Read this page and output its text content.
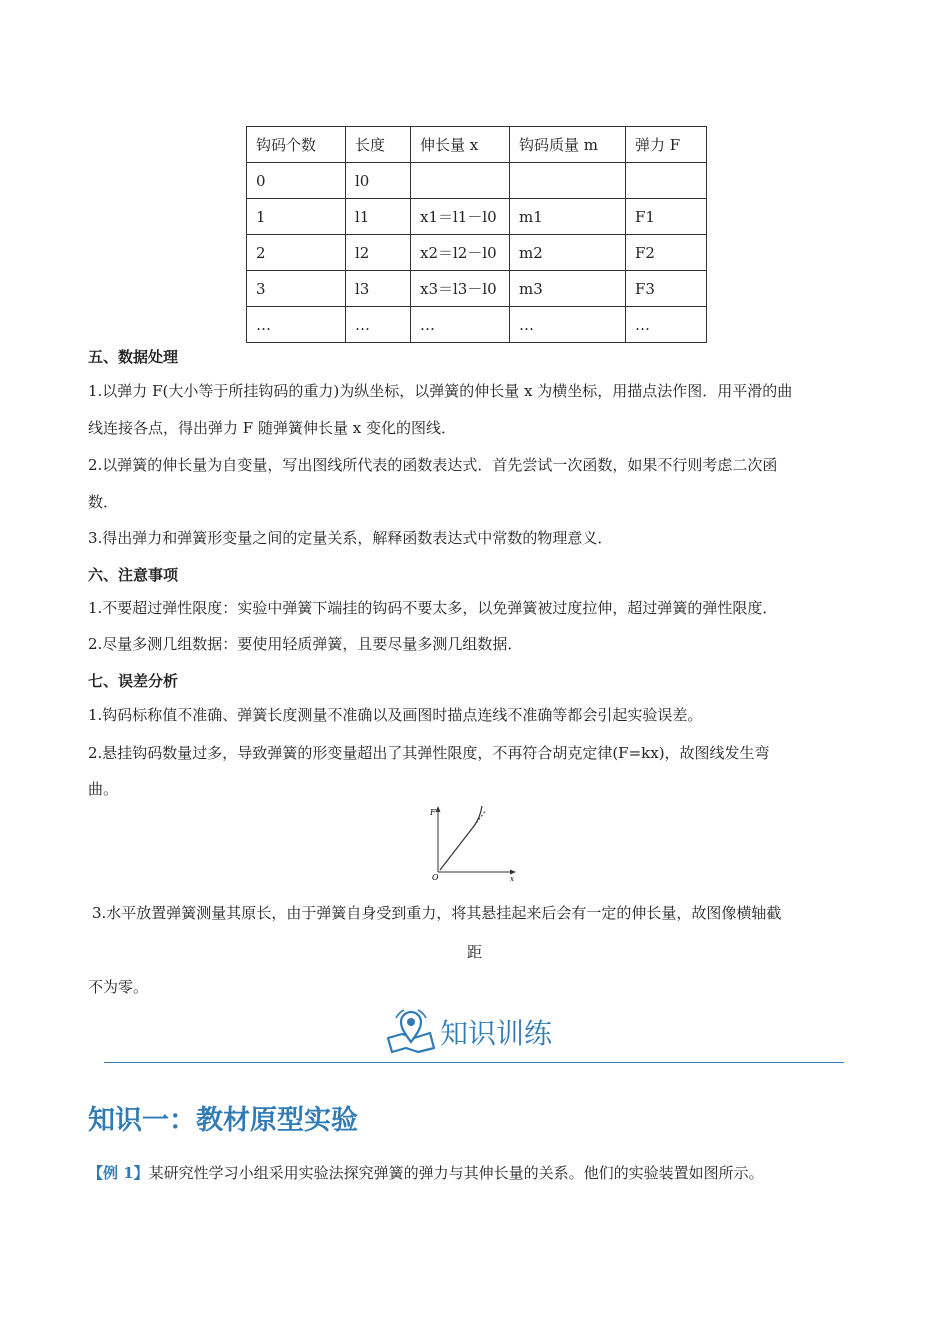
钩码个数	长度	伸长量 x	钩码质量 m	弹力 F
0	l0			
1	l1	x1＝l1－l0	m1	F1
2	l2	x2＝l2－l0	m2	F2
3	l3	x3＝l3－l0	m3	F3
…	…	…	…	…
五、数据处理
1.以弹力 F(大小等于所挂钩码的重力)为纵坐标，以弹簧的伸长量 x 为横坐标，用描点法作图．用平滑的曲
线连接各点，得出弹力 F 随弹簧伸长量 x 变化的图线．
2.以弹簧的伸长量为自变量，写出图线所代表的函数表达式．首先尝试一次函数，如果不行则考虑二次函
数．
3.得出弹力和弹簧形变量之间的定量关系，解释函数表达式中常数的物理意义．
六、注意事项
1.不要超过弹性限度：实验中弹簧下端挂的钩码不要太多，以免弹簧被过度拉伸，超过弹簧的弹性限度．
2.尽量多测几组数据：要使用轻质弹簧，且要尽量多测几组数据．
七、误差分析
1.钩码标称值不准确、弹簧长度测量不准确以及画图时描点连线不准确等都会引起实验误差。
2.悬挂钩码数量过多，导致弹簧的形变量超出了其弹性限度，不再符合胡克定律(F=kx)，故图线发生弯
曲。
F
O	x
3.水平放置弹簧测量其原长，由于弹簧自身受到重力，将其悬挂起来后会有一定的伸长量，故图像横轴截
距
不为零。
知识训练
知识一：教材原型实验
【例 1】某研究性学习小组采用实验法探究弹簧的弹力与其伸长量的关系。他们的实验装置如图所示。
